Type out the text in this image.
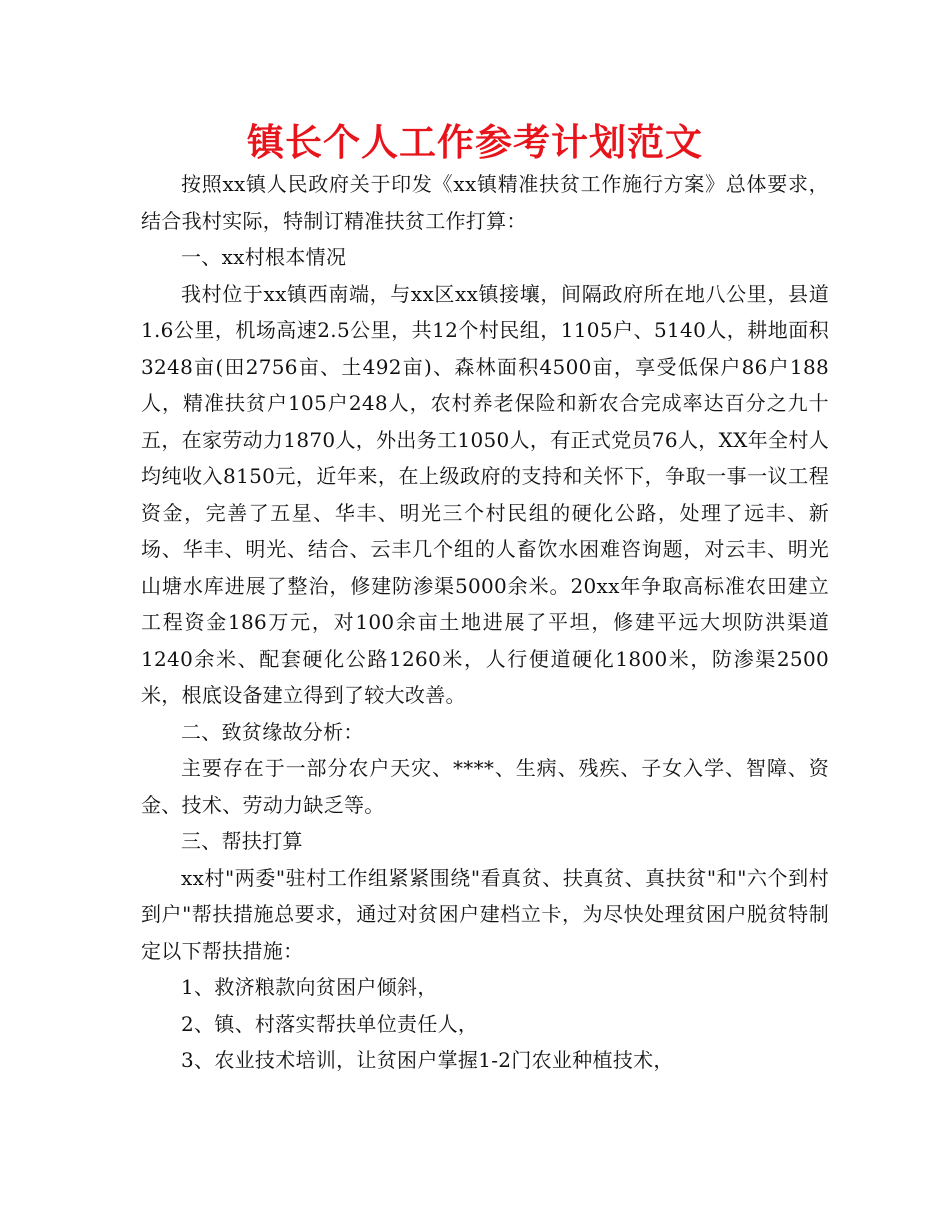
镇长个人工作参考计划范文

按照xx镇人民政府关于印发《xx镇精准扶贫工作施行方案》总体要求，结合我村实际，特制订精准扶贫工作打算：

一、xx村根本情况

我村位于xx镇西南端，与xx区xx镇接壤，间隔政府所在地八公里，县道1.6公里，机场高速2.5公里，共12个村民组，1105户、5140人，耕地面积3248亩(田2756亩、土492亩)、森林面积4500亩，享受低保户86户188人，精准扶贫户105户248人，农村养老保险和新农合完成率达百分之九十五，在家劳动力1870人，外出务工1050人，有正式党员76人，XX年全村人均纯收入8150元，近年来，在上级政府的支持和关怀下，争取一事一议工程资金，完善了五星、华丰、明光三个村民组的硬化公路，处理了远丰、新场、华丰、明光、结合、云丰几个组的人畜饮水困难咨询题，对云丰、明光山塘水库进展了整治，修建防渗渠5000余米。20xx年争取高标准农田建立工程资金186万元，对100余亩土地进展了平坦，修建平远大坝防洪渠道1240余米、配套硬化公路1260米，人行便道硬化1800米，防渗渠2500米，根底设备建立得到了较大改善。

二、致贫缘故分析：

主要存在于一部分农户天灾、****、生病、残疾、子女入学、智障、资金、技术、劳动力缺乏等。

三、帮扶打算

xx村"两委"驻村工作组紧紧围绕"看真贫、扶真贫、真扶贫"和"六个到村到户"帮扶措施总要求，通过对贫困户建档立卡，为尽快处理贫困户脱贫特制定以下帮扶措施：

1、救济粮款向贫困户倾斜，

2、镇、村落实帮扶单位责任人，

3、农业技术培训，让贫困户掌握1-2门农业种植技术，
